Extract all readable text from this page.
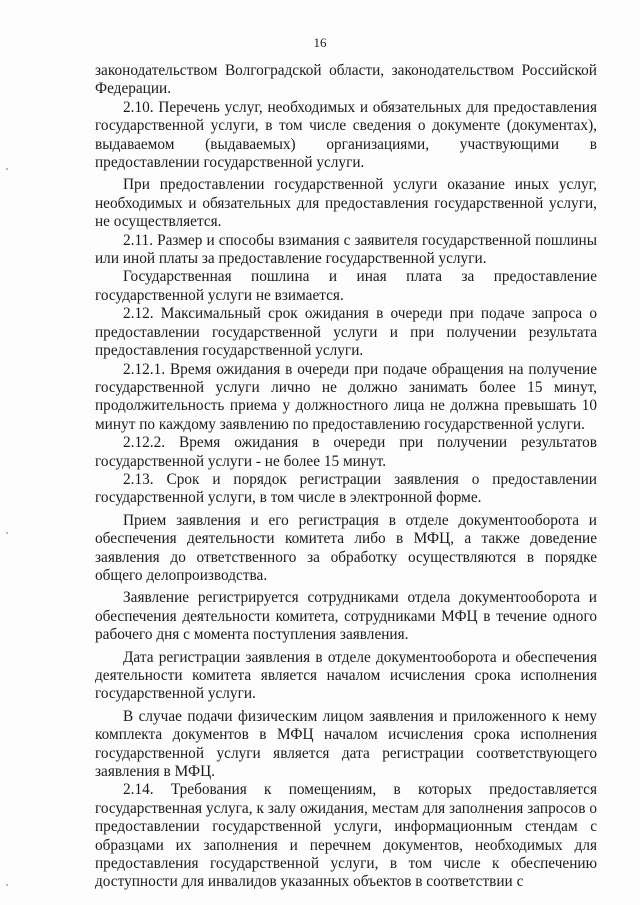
16

законодательством Волгоградской области, законодательством Российской Федерации.

2.10. Перечень услуг, необходимых и обязательных для предоставления государственной услуги, в том числе сведения о документе (документах), выдаваемом (выдаваемых) организациями, участвующими в предоставлении государственной услуги.

При предоставлении государственной услуги оказание иных услуг, необходимых и обязательных для предоставления государственной услуги, не осуществляется.

2.11. Размер и способы взимания с заявителя государственной пошлины или иной платы за предоставление государственной услуги.

Государственная пошлина и иная плата за предоставление государственной услуги не взимается.

2.12. Максимальный срок ожидания в очереди при подаче запроса о предоставлении государственной услуги и при получении результата предоставления государственной услуги.

2.12.1. Время ожидания в очереди при подаче обращения на получение государственной услуги лично не должно занимать более 15 минут, продолжительность приема у должностного лица не должна превышать 10 минут по каждому заявлению по предоставлению государственной услуги.

2.12.2. Время ожидания в очереди при получении результатов государственной услуги - не более 15 минут.

2.13. Срок и порядок регистрации заявления о предоставлении государственной услуги, в том числе в электронной форме.

Прием заявления и его регистрация в отделе документооборота и обеспечения деятельности комитета либо в МФЦ, а также доведение заявления до ответственного за обработку осуществляются в порядке общего делопроизводства.

Заявление регистрируется сотрудниками отдела документооборота и обеспечения деятельности комитета, сотрудниками МФЦ в течение одного рабочего дня с момента поступления заявления.

Дата регистрации заявления в отделе документооборота и обеспечения деятельности комитета является началом исчисления срока исполнения государственной услуги.

В случае подачи физическим лицом заявления и приложенного к нему комплекта документов в МФЦ началом исчисления срока исполнения государственной услуги является дата регистрации соответствующего заявления в МФЦ.

2.14. Требования к помещениям, в которых предоставляется государственная услуга, к залу ожидания, местам для заполнения запросов о предоставлении государственной услуги, информационным стендам с образцами их заполнения и перечнем документов, необходимых для предоставления государственной услуги, в том числе к обеспечению доступности для инвалидов указанных объектов в соответствии с
